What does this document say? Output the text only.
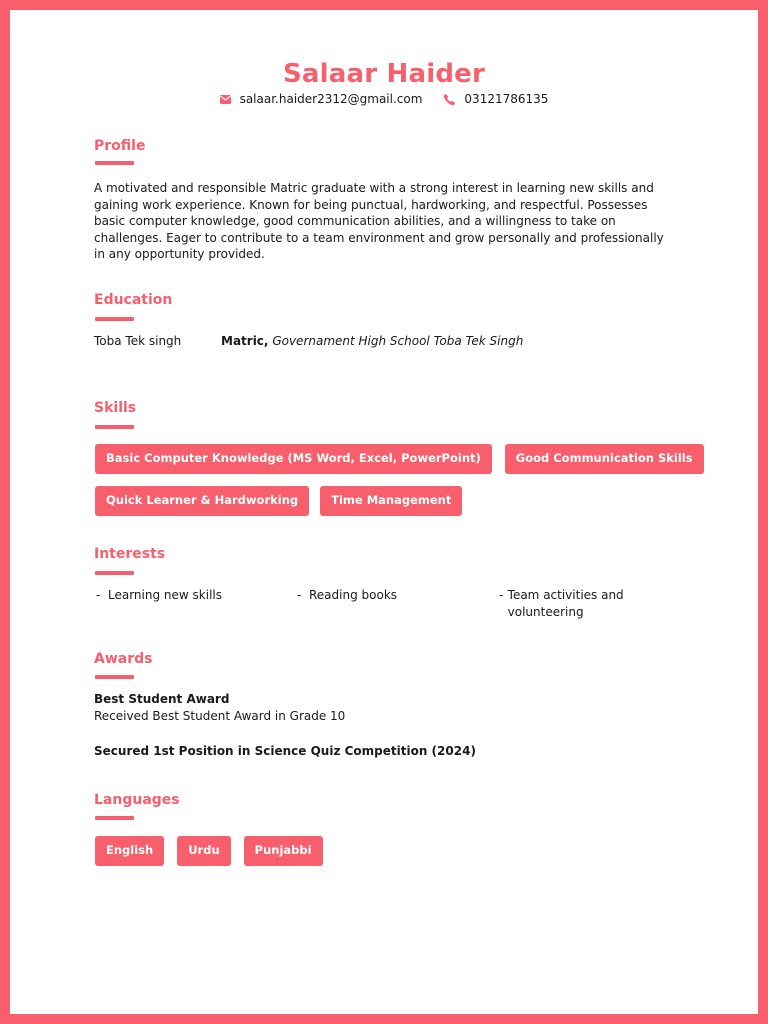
Salaar Haider
salaar.haider2312@gmail.com	03121786135
Profile
A motivated and responsible Matric graduate with a strong interest in learning new skills and gaining work experience. Known for being punctual, hardworking, and respectful. Possesses basic computer knowledge, good communication abilities, and a willingness to take on challenges. Eager to contribute to a team environment and grow personally and professionally in any opportunity provided.
Education
Toba Tek singh	Matric, Governament High School Toba Tek Singh
Skills
Basic Computer Knowledge (MS Word, Excel, PowerPoint)	Good Communication Skills
Quick Learner & Hardworking	Time Management
Interests
- Learning new skills	- Reading books	- Team activities and volunteering
Awards
Best Student Award
Received Best Student Award in Grade 10
Secured 1st Position in Science Quiz Competition (2024)
Languages
English	Urdu	Punjabbi
